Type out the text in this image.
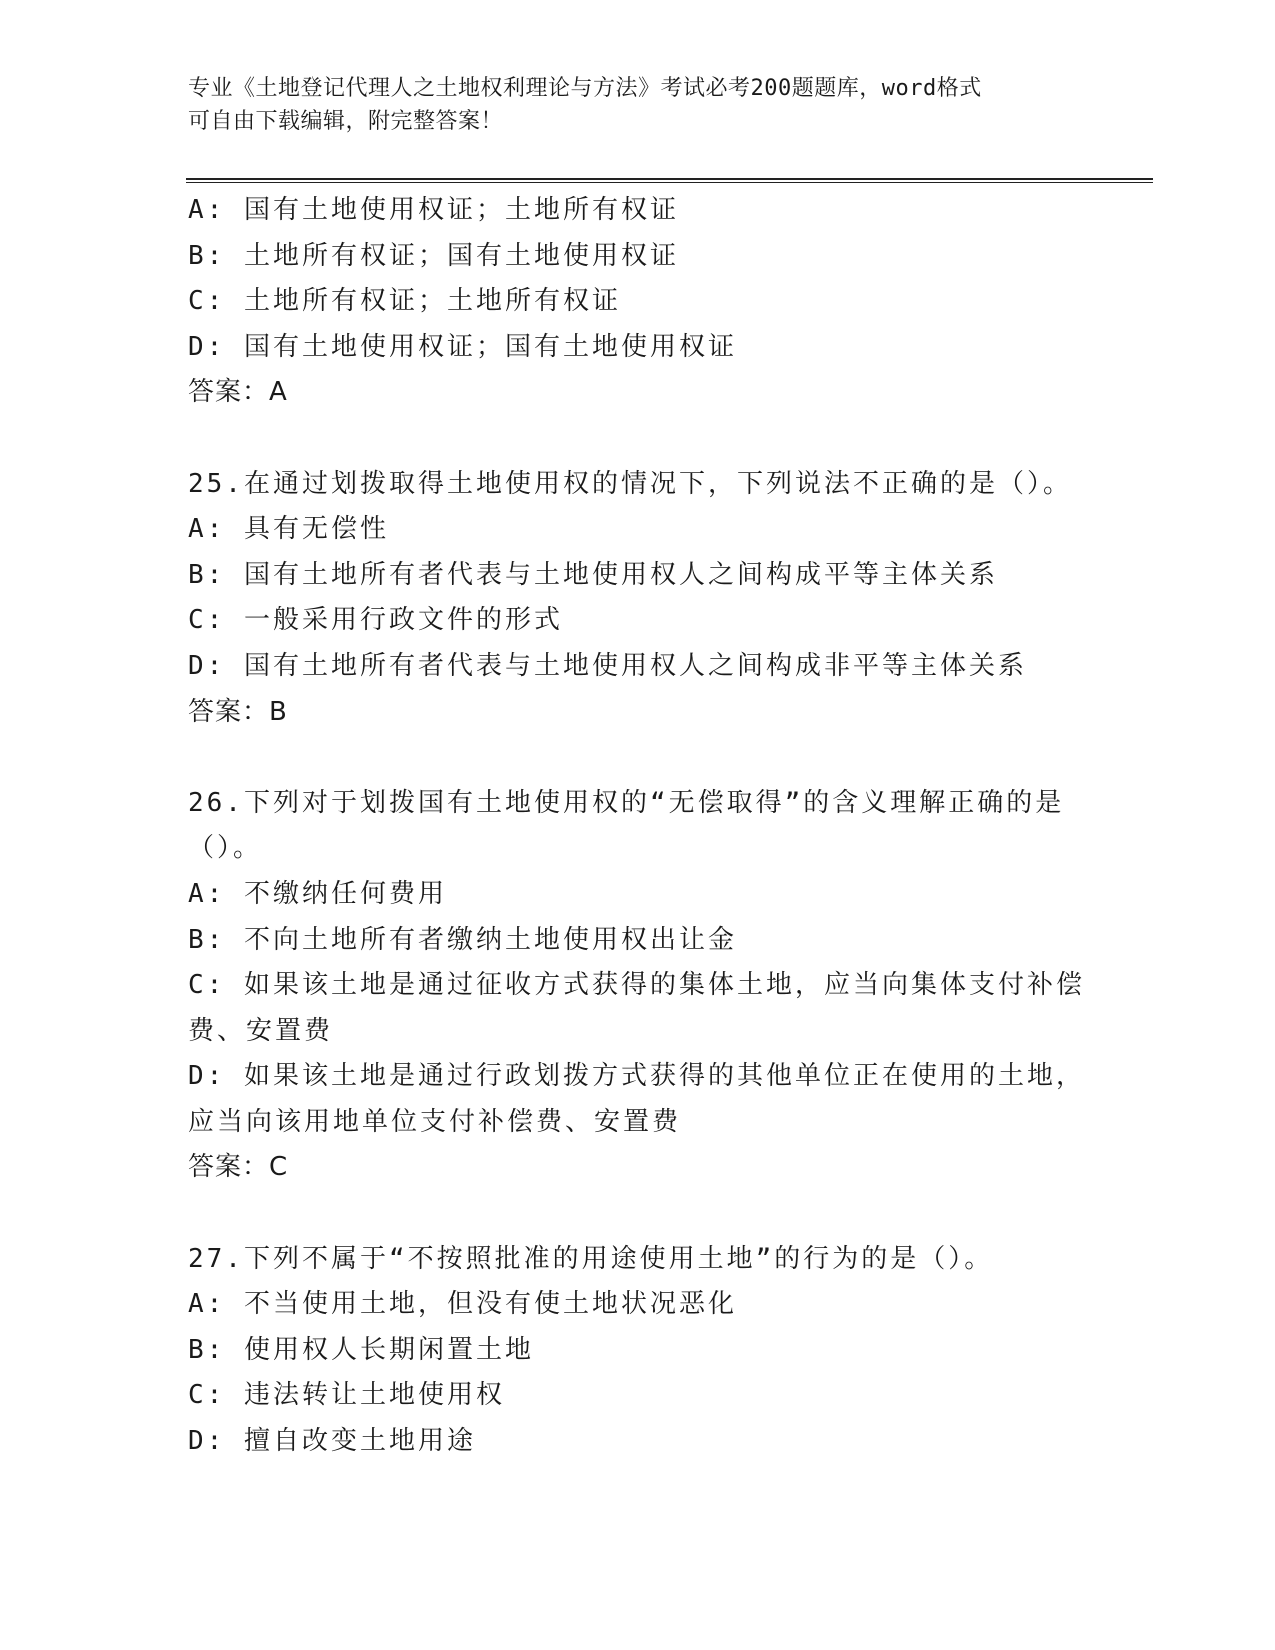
专业《土地登记代理人之土地权利理论与方法》考试必考200题题库，word格式
可自由下载编辑，附完整答案！

A: 国有土地使用权证；土地所有权证

B: 土地所有权证；国有土地使用权证

C: 土地所有权证；土地所有权证

D: 国有土地使用权证；国有土地使用权证

答案：A

25.在通过划拨取得土地使用权的情况下，下列说法不正确的是（）。

A: 具有无偿性

B: 国有土地所有者代表与土地使用权人之间构成平等主体关系

C: 一般采用行政文件的形式

D: 国有土地所有者代表与土地使用权人之间构成非平等主体关系

答案：B

26.下列对于划拨国有土地使用权的“无偿取得”的含义理解正确的是（）。

A: 不缴纳任何费用

B: 不向土地所有者缴纳土地使用权出让金

C: 如果该土地是通过征收方式获得的集体土地，应当向集体支付补偿费、安置费

D: 如果该土地是通过行政划拨方式获得的其他单位正在使用的土地，应当向该用地单位支付补偿费、安置费

答案：C

27.下列不属于“不按照批准的用途使用土地”的行为的是（）。

A: 不当使用土地，但没有使土地状况恶化

B: 使用权人长期闲置土地

C: 违法转让土地使用权

D: 擅自改变土地用途
